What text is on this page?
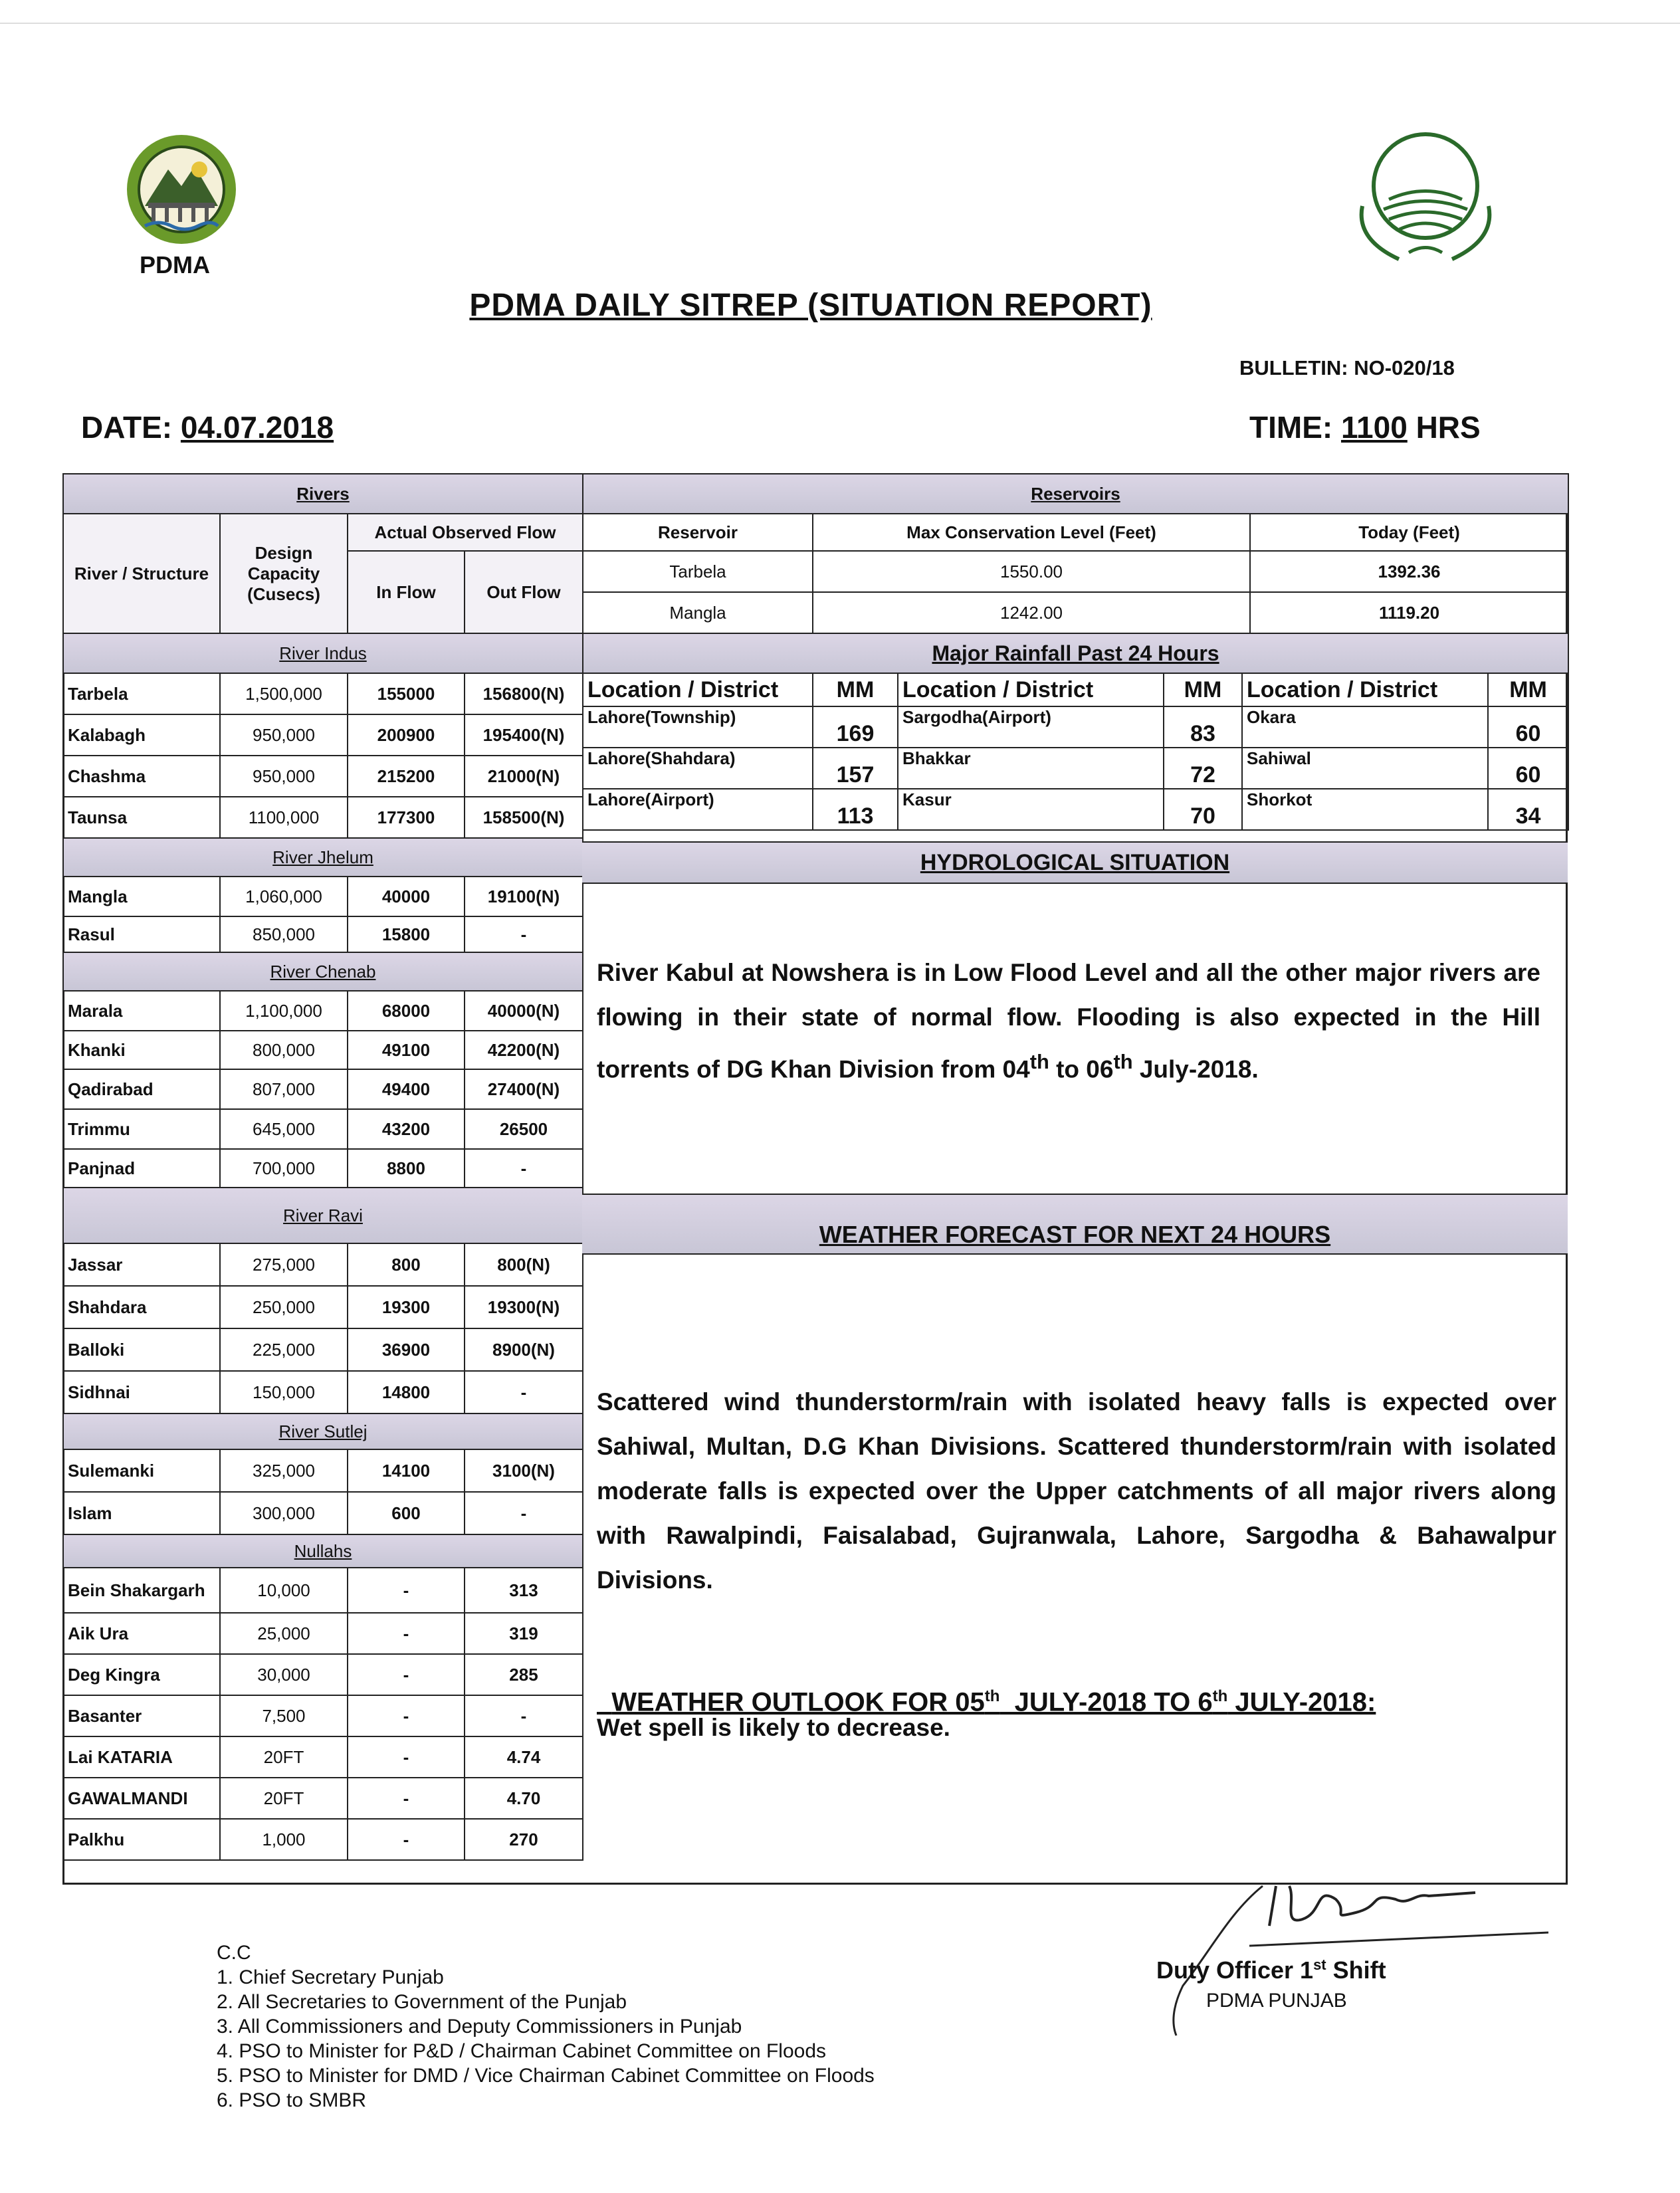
PDMA
PDMA DAILY SITREP (SITUATION REPORT)
BULLETIN: NO-020/18
DATE: 04.07.2018	TIME: 1100 HRS
Rivers			
River / Structure	Design Capacity (Cusecs)	Actual Observed Flow	
		In Flow	Out Flow
River Indus			
Tarbela	1,500,000	155000	156800(N)
Kalabagh	950,000	200900	195400(N)
Chashma	950,000	215200	21000(N)
Taunsa	1100,000	177300	158500(N)
River Jhelum			
Mangla	1,060,000	40000	19100(N)
Rasul	850,000	15800	-
River Chenab			
Marala	1,100,000	68000	40000(N)
Khanki	800,000	49100	42200(N)
Qadirabad	807,000	49400	27400(N)
Trimmu	645,000	43200	26500
Panjnad	700,000	8800	-
River Ravi			
Jassar	275,000	800	800(N)
Shahdara	250,000	19300	19300(N)
Balloki	225,000	36900	8900(N)
Sidhnai	150,000	14800	-
River Sutlej			
Sulemanki	325,000	14100	3100(N)
Islam	300,000	600	-
Nullahs			
Bein Shakargarh	10,000	-	313
Aik Ura	25,000	-	319
Deg Kingra	30,000	-	285
Basanter	7,500	-	-
Lai KATARIA	20FT	-	4.74
GAWALMANDI	20FT	-	4.70
Palkhu	1,000	-	270
Reservoirs		
Reservoir	Max Conservation Level (Feet)	Today (Feet)
Tarbela	1550.00	1392.36
Mangla	1242.00	1119.20
Major Rainfall Past 24 Hours					
Location / District	MM	Location / District	MM	Location / District	MM
Lahore(Township)	169	Sargodha(Airport)	83	Okara	60
Lahore(Shahdara)	157	Bhakkar	72	Sahiwal	60
Lahore(Airport)	113	Kasur	70	Shorkot	34
HYDROLOGICAL SITUATION
River Kabul at Nowshera is in Low Flood Level and all the other major rivers are flowing in their state of normal flow. Flooding is also expected in the Hill torrents of DG Khan Division from 04th to 06th July-2018.
WEATHER FORECAST FOR NEXT 24 HOURS
Scattered wind thunderstorm/rain with isolated heavy falls is expected over Sahiwal, Multan, D.G Khan Divisions. Scattered thunderstorm/rain with isolated moderate falls is expected over the Upper catchments of all major rivers along with Rawalpindi, Faisalabad, Gujranwala, Lahore, Sargodha & Bahawalpur Divisions.

WEATHER OUTLOOK FOR 05th  JULY-2018 TO 6th JULY-2018:

Wet spell is likely to decrease.
C.C
1. Chief Secretary Punjab
2. All Secretaries to Government of the Punjab
3. All Commissioners and Deputy Commissioners in Punjab
4. PSO to Minister for P&D / Chairman Cabinet Committee on Floods
5. PSO to Minister for DMD / Vice Chairman Cabinet Committee on Floods
6. PSO to SMBR
Duty Officer 1st Shift
PDMA PUNJAB
